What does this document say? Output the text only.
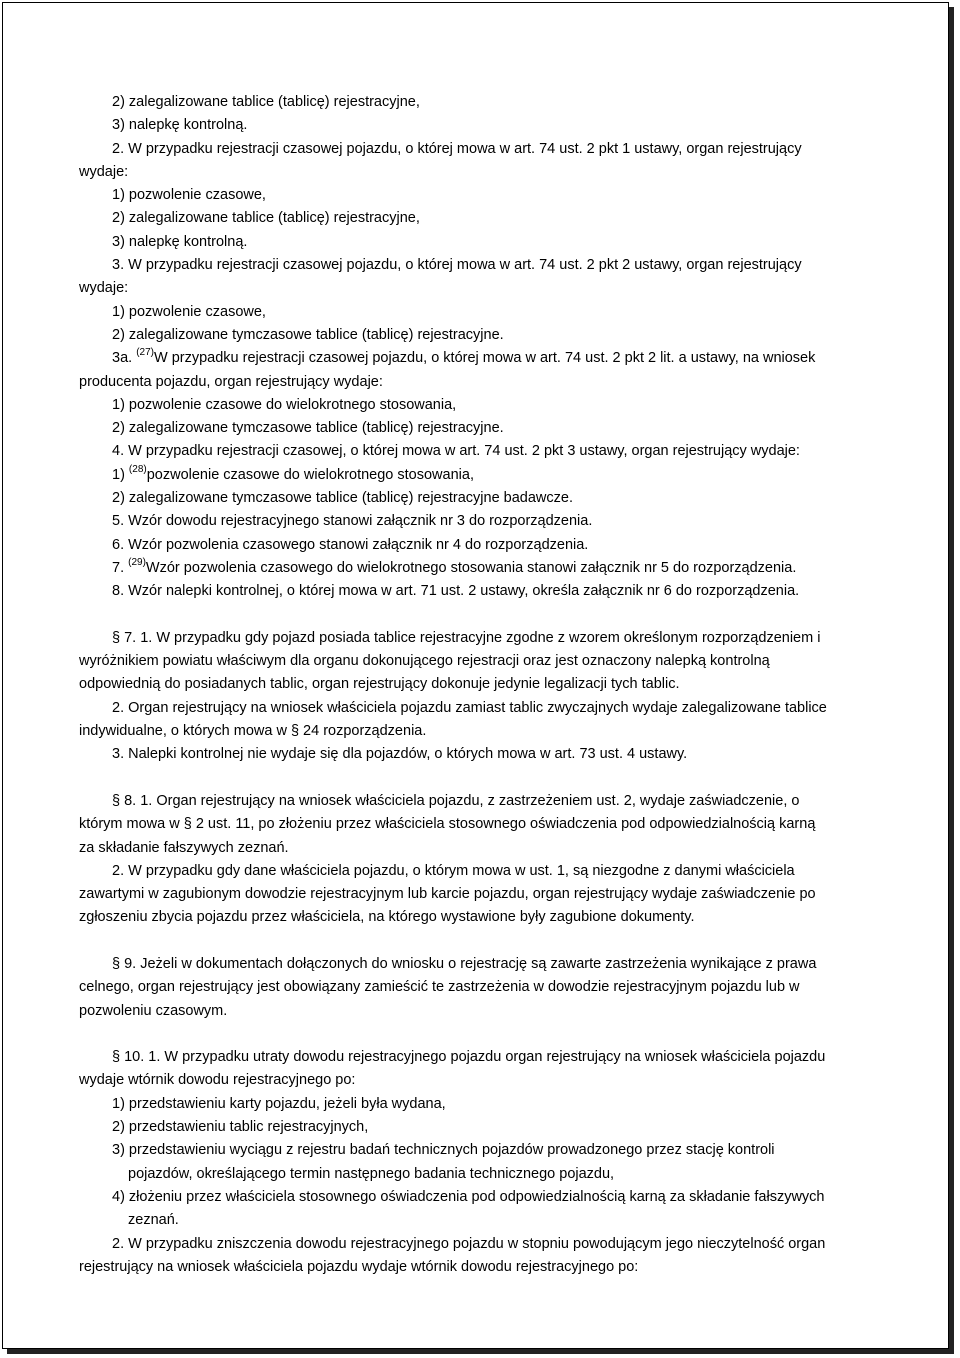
2) zalegalizowane tablice (tablicę) rejestracyjne,
3) nalepkę kontrolną.
2. W przypadku rejestracji czasowej pojazdu, o której mowa w art. 74 ust. 2 pkt 1 ustawy, organ rejestrujący
wydaje:
1) pozwolenie czasowe,
2) zalegalizowane tablice (tablicę) rejestracyjne,
3) nalepkę kontrolną.
3. W przypadku rejestracji czasowej pojazdu, o której mowa w art. 74 ust. 2 pkt 2 ustawy, organ rejestrujący
wydaje:
1) pozwolenie czasowe,
2) zalegalizowane tymczasowe tablice (tablicę) rejestracyjne.
3a. $^{(27)}$W przypadku rejestracji czasowej pojazdu, o której mowa w art. 74 ust. 2 pkt 2 lit. a ustawy, na wniosek
producenta pojazdu, organ rejestrujący wydaje:
1) pozwolenie czasowe do wielokrotnego stosowania,
2) zalegalizowane tymczasowe tablice (tablicę) rejestracyjne.
4. W przypadku rejestracji czasowej, o której mowa w art. 74 ust. 2 pkt 3 ustawy, organ rejestrujący wydaje:
1) $^{(28)}$pozwolenie czasowe do wielokrotnego stosowania,
2) zalegalizowane tymczasowe tablice (tablicę) rejestracyjne badawcze.
5. Wzór dowodu rejestracyjnego stanowi załącznik nr 3 do rozporządzenia.
6. Wzór pozwolenia czasowego stanowi załącznik nr 4 do rozporządzenia.
7. $^{(29)}$Wzór pozwolenia czasowego do wielokrotnego stosowania stanowi załącznik nr 5 do rozporządzenia.
8. Wzór nalepki kontrolnej, o której mowa w art. 71 ust. 2 ustawy, określa załącznik nr 6 do rozporządzenia.
§ 7. 1. W przypadku gdy pojazd posiada tablice rejestracyjne zgodne z wzorem określonym rozporządzeniem i
wyróżnikiem powiatu właściwym dla organu dokonującego rejestracji oraz jest oznaczony nalepką kontrolną
odpowiednią do posiadanych tablic, organ rejestrujący dokonuje jedynie legalizacji tych tablic.
2. Organ rejestrujący na wniosek właściciela pojazdu zamiast tablic zwyczajnych wydaje zalegalizowane tablice
indywidualne, o których mowa w § 24 rozporządzenia.
3. Nalepki kontrolnej nie wydaje się dla pojazdów, o których mowa w art. 73 ust. 4 ustawy.
§ 8. 1. Organ rejestrujący na wniosek właściciela pojazdu, z zastrzeżeniem ust. 2, wydaje zaświadczenie, o
którym mowa w § 2 ust. 11, po złożeniu przez właściciela stosownego oświadczenia pod odpowiedzialnością karną
za składanie fałszywych zeznań.
2. W przypadku gdy dane właściciela pojazdu, o którym mowa w ust. 1, są niezgodne z danymi właściciela
zawartymi w zagubionym dowodzie rejestracyjnym lub karcie pojazdu, organ rejestrujący wydaje zaświadczenie po
zgłoszeniu zbycia pojazdu przez właściciela, na którego wystawione były zagubione dokumenty.
§ 9. Jeżeli w dokumentach dołączonych do wniosku o rejestrację są zawarte zastrzeżenia wynikające z prawa
celnego, organ rejestrujący jest obowiązany zamieścić te zastrzeżenia w dowodzie rejestracyjnym pojazdu lub w
pozwoleniu czasowym.
§ 10. 1. W przypadku utraty dowodu rejestracyjnego pojazdu organ rejestrujący na wniosek właściciela pojazdu
wydaje wtórnik dowodu rejestracyjnego po:
1) przedstawieniu karty pojazdu, jeżeli była wydana,
2) przedstawieniu tablic rejestracyjnych,
3) przedstawieniu wyciągu z rejestru badań technicznych pojazdów prowadzonego przez stację kontroli
pojazdów, określającego termin następnego badania technicznego pojazdu,
4) złożeniu przez właściciela stosownego oświadczenia pod odpowiedzialnością karną za składanie fałszywych
zeznań.
2. W przypadku zniszczenia dowodu rejestracyjnego pojazdu w stopniu powodującym jego nieczytelność organ
rejestrujący na wniosek właściciela pojazdu wydaje wtórnik dowodu rejestracyjnego po:
